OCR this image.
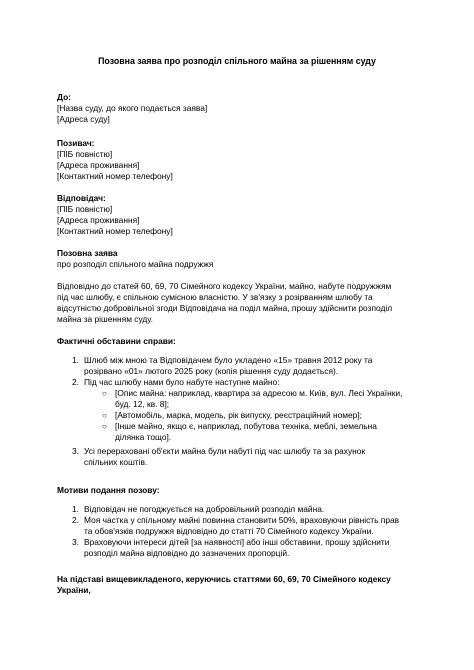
Позовна заява про розподіл спільного майна за рішенням суду
До:
[Назва суду, до якого подається заява]
[Адреса суду]
Позивач:
[ПІБ повністю]
[Адреса проживання]
[Контактний номер телефону]
Відповідач:
[ПІБ повністю]
[Адреса проживання]
[Контактний номер телефону]
Позовна заява
про розподіл спільного майна подружжя
Відповідно до статей 60, 69, 70 Сімейного кодексу України, майно, набуте подружжям
під час шлюбу, є спільною сумісною власністю. У зв'язку з розірванням шлюбу та
відсутністю добровільної згоди Відповідача на поділ майна, прошу здійснити розподіл
майна за рішенням суду.
Фактичні обставини справи:
1. Шлюб між мною та Відповідачем було укладено «15» травня 2012 року та
розірвано «01» лютого 2025 року (копія рішення суду додається).
2. Під час шлюбу нами було набуте наступне майно:
○ [Опис майна: наприклад, квартира за адресою м. Київ, вул. Лесі Українки,
буд. 12, кв. 8];
○ [Автомобіль, марка, модель, рік випуску, реєстраційний номер];
○ [Інше майно, якщо є, наприклад, побутова техніка, меблі, земельна
ділянка тощо].
3. Усі перераховані об'єкти майна були набуті під час шлюбу та за рахунок
спільних коштів.
Мотиви подання позову:
1. Відповідач не погоджується на добровільний розподіл майна.
2. Моя частка у спільному майні повинна становити 50%, враховуючи рівність прав
та обов'язків подружжя відповідно до статті 70 Сімейного кодексу України.
3. Враховуючи інтереси дітей [за наявності] або інші обставини, прошу здійснити
розподіл майна відповідно до зазначених пропорцій.
На підставі вищевикладеного, керуючись статтями 60, 69, 70 Сімейного кодексу
України,
